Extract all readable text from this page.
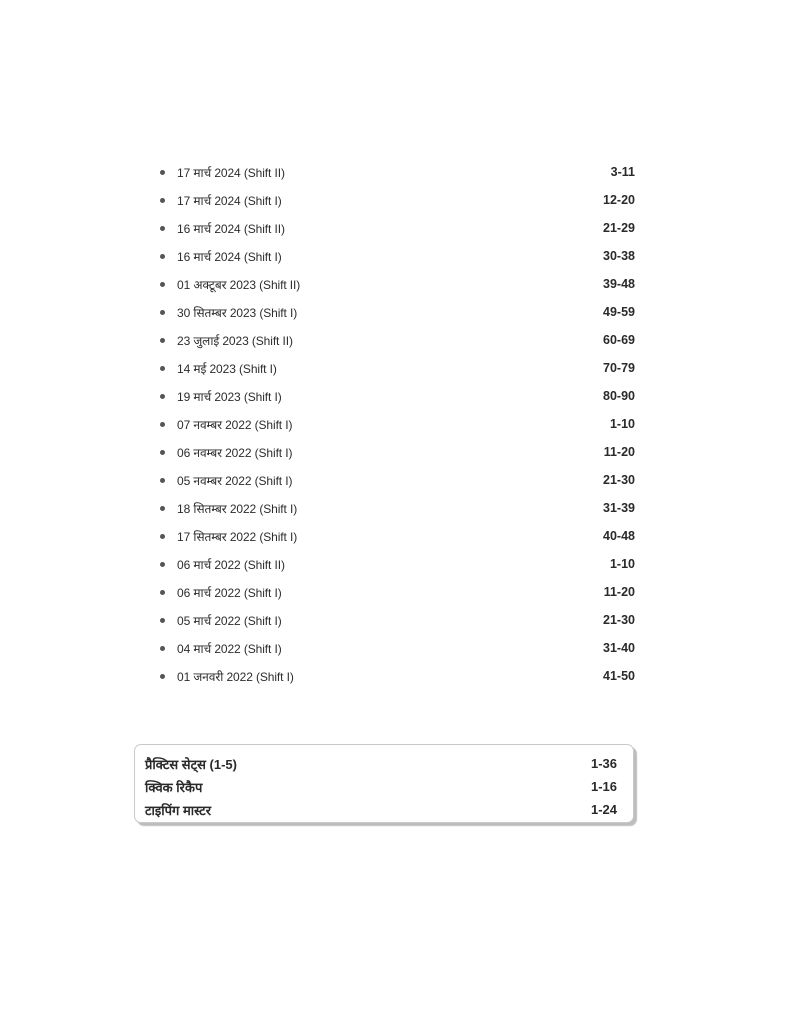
17 मार्च 2024 (Shift II)	3-11
17 मार्च 2024 (Shift I)	12-20
16 मार्च 2024 (Shift II)	21-29
16 मार्च 2024 (Shift I)	30-38
01 अक्टूबर 2023 (Shift II)	39-48
30 सितम्बर 2023 (Shift I)	49-59
23 जुलाई 2023 (Shift II)	60-69
14 मई 2023 (Shift I)	70-79
19 मार्च 2023 (Shift I)	80-90
07 नवम्बर 2022 (Shift I)	1-10
06 नवम्बर 2022 (Shift I)	11-20
05 नवम्बर 2022 (Shift I)	21-30
18 सितम्बर 2022 (Shift I)	31-39
17 सितम्बर 2022 (Shift I)	40-48
06 मार्च 2022 (Shift II)	1-10
06 मार्च 2022 (Shift I)	11-20
05 मार्च 2022 (Shift I)	21-30
04 मार्च 2022 (Shift I)	31-40
01 जनवरी 2022 (Shift I)	41-50
प्रैक्टिस सेट्स (1-5)	1-36
क्विक रिकैप	1-16
टाइपिंग मास्टर	1-24
